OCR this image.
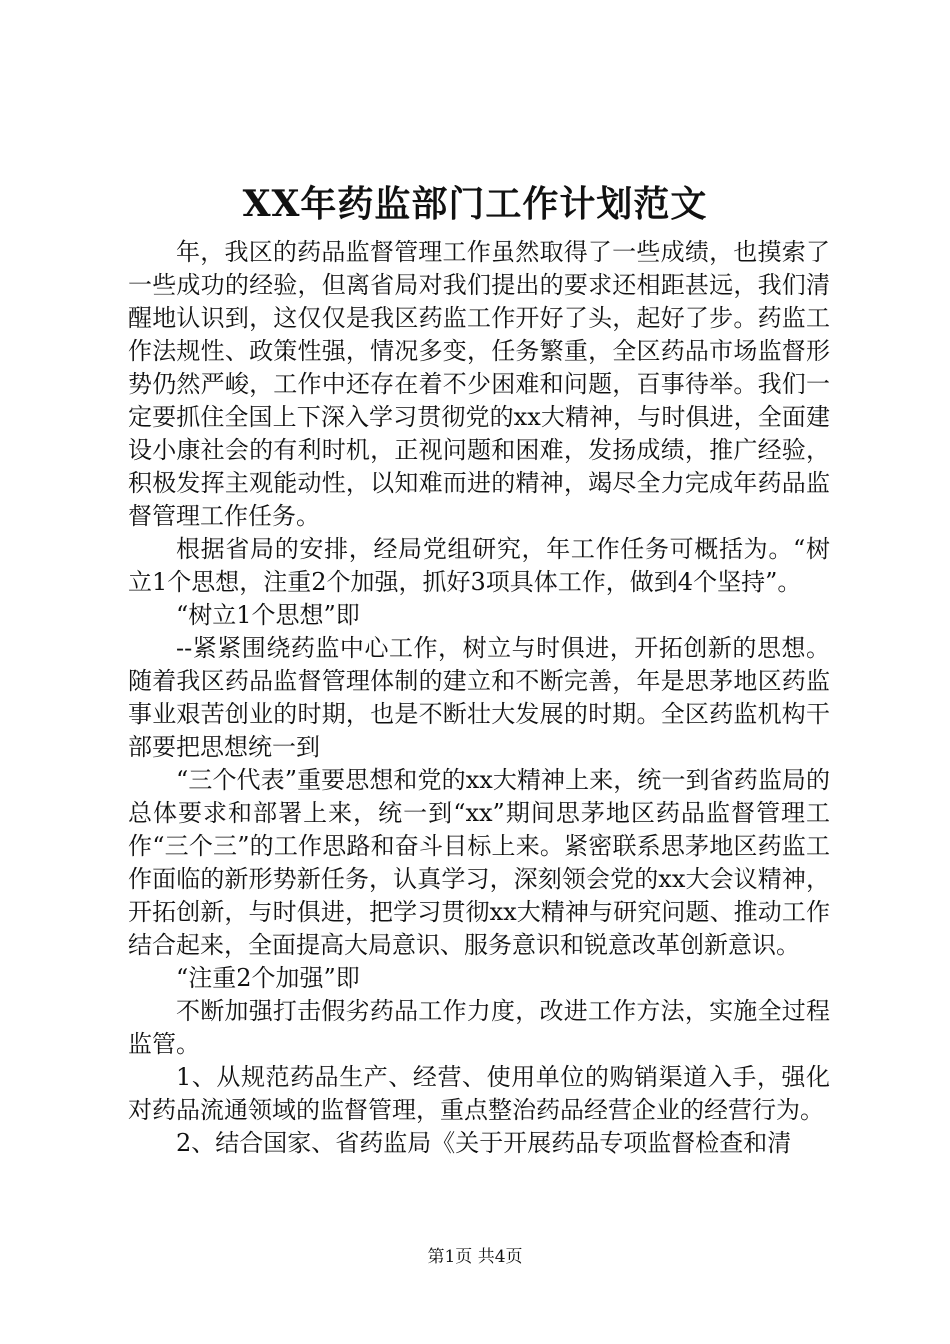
XX年药监部门工作计划范文

年，我区的药品监督管理工作虽然取得了一些成绩，也摸索了一些成功的经验，但离省局对我们提出的要求还相距甚远，我们清醒地认识到，这仅仅是我区药监工作开好了头，起好了步。药监工作法规性、政策性强，情况多变，任务繁重，全区药品市场监督形势仍然严峻，工作中还存在着不少困难和问题，百事待举。我们一定要抓住全国上下深入学习贯彻党的xx大精神，与时俱进，全面建设小康社会的有利时机，正视问题和困难，发扬成绩，推广经验，积极发挥主观能动性，以知难而进的精神，竭尽全力完成年药品监督管理工作任务。

根据省局的安排，经局党组研究，年工作任务可概括为。“树立1个思想，注重2个加强，抓好3项具体工作，做到4个坚持”。

“树立1个思想”即

--紧紧围绕药监中心工作，树立与时俱进，开拓创新的思想。随着我区药品监督管理体制的建立和不断完善，年是思茅地区药监事业艰苦创业的时期，也是不断壮大发展的时期。全区药监机构干部要把思想统一到

“三个代表”重要思想和党的xx大精神上来，统一到省药监局的总体要求和部署上来，统一到“xx”期间思茅地区药品监督管理工作“三个三”的工作思路和奋斗目标上来。紧密联系思茅地区药监工作面临的新形势新任务，认真学习，深刻领会党的xx大会议精神，开拓创新，与时俱进，把学习贯彻xx大精神与研究问题、推动工作结合起来，全面提高大局意识、服务意识和锐意改革创新意识。

“注重2个加强”即

不断加强打击假劣药品工作力度，改进工作方法，实施全过程监管。

1、从规范药品生产、经营、使用单位的购销渠道入手，强化对药品流通领域的监督管理，重点整治药品经营企业的经营行为。

2、结合国家、省药监局《关于开展药品专项监督检查和清

第1页 共4页
